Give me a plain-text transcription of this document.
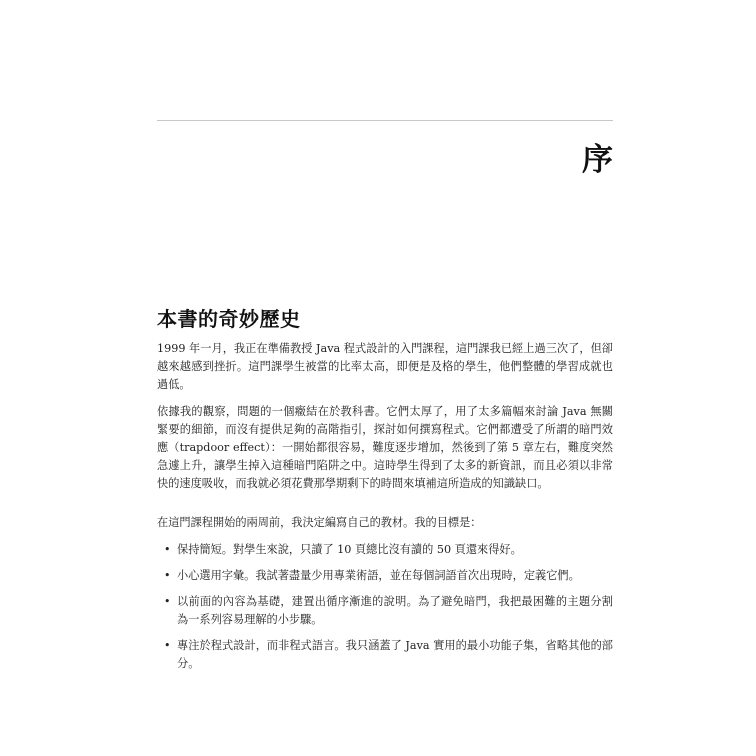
序
本書的奇妙歷史

1999 年一月，我正在準備教授 Java 程式設計的入門課程，這門課我已經上過三次了，但卻越來越感到挫折。這門課學生被當的比率太高，即便是及格的學生，他們整體的學習成就也過低。

依據我的觀察，問題的一個癥結在於教科書。它們太厚了，用了太多篇幅來討論 Java 無關緊要的細節，而沒有提供足夠的高階指引，探討如何撰寫程式。它們都遭受了所謂的暗門效應（trapdoor effect）：一開始都很容易，難度逐步增加，然後到了第 5 章左右，難度突然急遽上升，讓學生掉入這種暗門陷阱之中。這時學生得到了太多的新資訊，而且必須以非常快的速度吸收，而我就必須花費那學期剩下的時間來填補這所造成的知識缺口。

在這門課程開始的兩周前，我決定編寫自己的教材。我的目標是：

• 保持簡短。對學生來說，只讀了 10 頁總比沒有讀的 50 頁還來得好。
• 小心選用字彙。我試著盡量少用專業術語，並在每個詞語首次出現時，定義它們。
• 以前面的內容為基礎，建置出循序漸進的說明。為了避免暗門，我把最困難的主題分割為一系列容易理解的小步驟。
• 專注於程式設計，而非程式語言。我只涵蓋了 Java 實用的最小功能子集，省略其他的部分。
